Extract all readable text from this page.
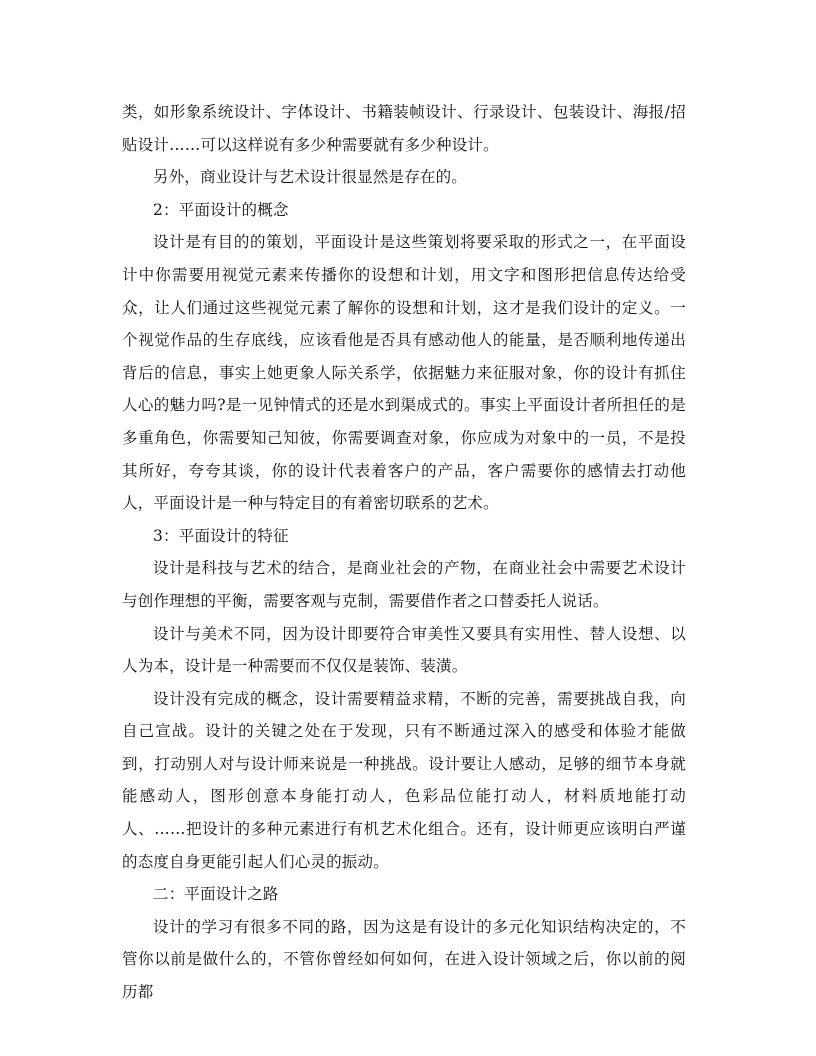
类，如形象系统设计、字体设计、书籍装帧设计、行录设计、包装设计、海报/招贴设计……可以这样说有多少种需要就有多少种设计。

另外，商业设计与艺术设计很显然是存在的。

2：平面设计的概念

设计是有目的的策划，平面设计是这些策划将要采取的形式之一，在平面设计中你需要用视觉元素来传播你的设想和计划，用文字和图形把信息传达给受众，让人们通过这些视觉元素了解你的设想和计划，这才是我们设计的定义。一个视觉作品的生存底线，应该看他是否具有感动他人的能量，是否顺利地传递出背后的信息，事实上她更象人际关系学，依据魅力来征服对象，你的设计有抓住人心的魅力吗?是一见钟情式的还是水到渠成式的。事实上平面设计者所担任的是多重角色，你需要知己知彼，你需要调查对象，你应成为对象中的一员，不是投其所好，夸夸其谈，你的设计代表着客户的产品，客户需要你的感情去打动他人，平面设计是一种与特定目的有着密切联系的艺术。

3：平面设计的特征

设计是科技与艺术的结合，是商业社会的产物，在商业社会中需要艺术设计与创作理想的平衡，需要客观与克制，需要借作者之口替委托人说话。

设计与美术不同，因为设计即要符合审美性又要具有实用性、替人设想、以人为本，设计是一种需要而不仅仅是装饰、装潢。

设计没有完成的概念，设计需要精益求精，不断的完善，需要挑战自我，向自己宣战。设计的关键之处在于发现，只有不断通过深入的感受和体验才能做到，打动别人对与设计师来说是一种挑战。设计要让人感动，足够的细节本身就能感动人，图形创意本身能打动人，色彩品位能打动人，材料质地能打动人、……把设计的多种元素进行有机艺术化组合。还有，设计师更应该明白严谨的态度自身更能引起人们心灵的振动。

二：平面设计之路

设计的学习有很多不同的路，因为这是有设计的多元化知识结构决定的，不管你以前是做什么的，不管你曾经如何如何，在进入设计领域之后，你以前的阅历都
